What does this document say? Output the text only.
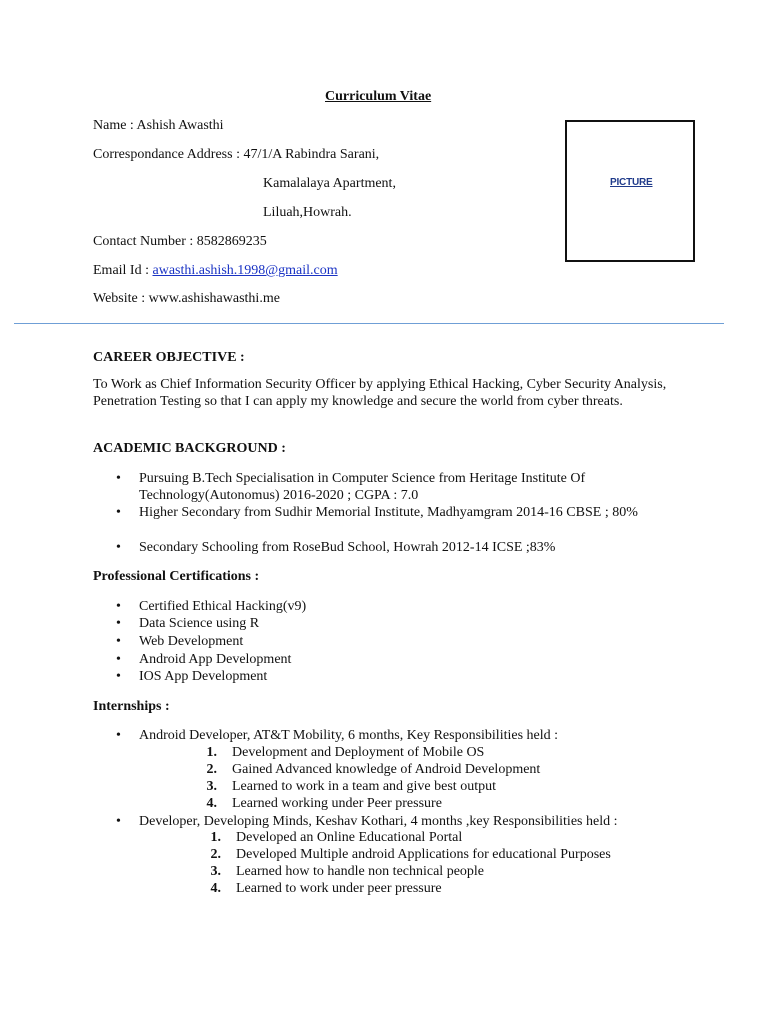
Curriculum Vitae
Name : Ashish Awasthi
Correspondance Address : 47/1/A Rabindra Sarani,
Kamalalaya Apartment,
Liluah,Howrah.
Contact Number : 8582869235
Email Id : awasthi.ashish.1998@gmail.com
Website : www.ashishawasthi.me
PICTURE
CAREER OBJECTIVE :
To Work as Chief Information Security Officer by applying Ethical Hacking, Cyber Security Analysis, Penetration Testing so that I can apply my knowledge and secure the world from cyber threats.
ACADEMIC BACKGROUND :
• Pursuing B.Tech Specialisation in Computer Science from Heritage Institute Of Technology(Autonomus) 2016-2020 ; CGPA : 7.0
• Higher Secondary from Sudhir Memorial Institute, Madhyamgram 2014-16 CBSE ; 80%
• Secondary Schooling from RoseBud School, Howrah 2012-14 ICSE ;83%
Professional Certifications :
• Certified Ethical Hacking(v9)
• Data Science using R
• Web Development
• Android App Development
• IOS App Development
Internships :
• Android Developer, AT&T Mobility, 6 months, Key Responsibilities held :
1. Development and Deployment of Mobile OS
2. Gained Advanced knowledge of Android Development
3. Learned to work in a team and give best output
4. Learned working under Peer pressure
• Developer, Developing Minds, Keshav Kothari, 4 months ,key Responsibilities held :
1. Developed an Online Educational Portal
2. Developed Multiple android Applications for educational Purposes
3. Learned how to handle non technical people
4. Learned to work under peer pressure
